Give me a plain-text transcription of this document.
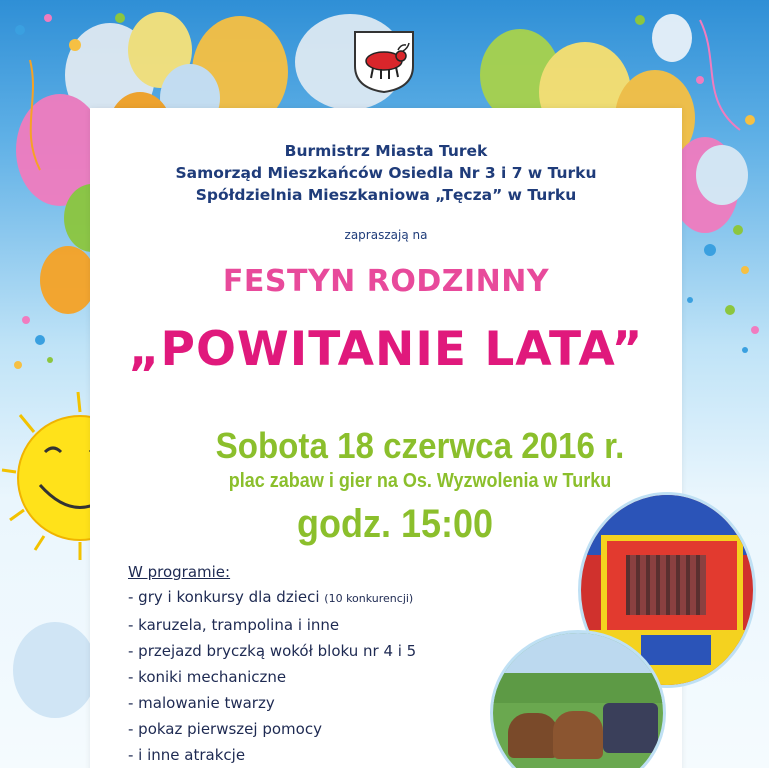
Burmistrz Miasta Turek
Samorząd Mieszkańców Osiedla Nr 3 i 7 w Turku
Spółdzielnia Mieszkaniowa „Tęcza” w Turku
zapraszają na
FESTYN RODZINNY
„POWITANIE LATA”
Sobota 18 czerwca 2016 r.
plac zabaw i gier na Os. Wyzwolenia w Turku
godz. 15:00
W programie:
- gry i konkursy dla dzieci (10 konkurencji)
- karuzela, trampolina i inne
- przejazd bryczką wokół bloku nr 4 i 5
- koniki mechaniczne
- malowanie twarzy
- pokaz pierwszej pomocy
- i inne atrakcje
